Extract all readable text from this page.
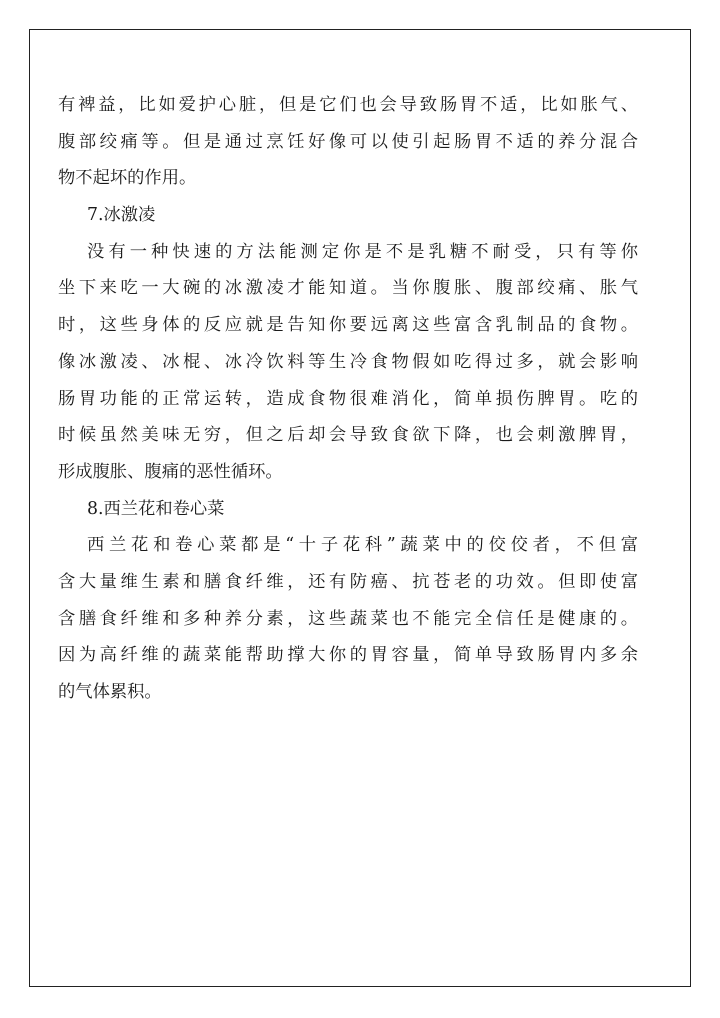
有裨益，比如爱护心脏，但是它们也会导致肠胃不适，比如胀气、
腹部绞痛等。但是通过烹饪好像可以使引起肠胃不适的养分混合
物不起坏的作用。
7.冰激凌
没有一种快速的方法能测定你是不是乳糖不耐受，只有等你
坐下来吃一大碗的冰激凌才能知道。当你腹胀、腹部绞痛、胀气
时，这些身体的反应就是告知你要远离这些富含乳制品的食物。
像冰激凌、冰棍、冰冷饮料等生冷食物假如吃得过多，就会影响
肠胃功能的正常运转，造成食物很难消化，简单损伤脾胃。吃的
时候虽然美味无穷，但之后却会导致食欲下降，也会刺激脾胃，
形成腹胀、腹痛的恶性循环。
8.西兰花和卷心菜
西兰花和卷心菜都是“十子花科”蔬菜中的佼佼者，不但富
含大量维生素和膳食纤维，还有防癌、抗苍老的功效。但即使富
含膳食纤维和多种养分素，这些蔬菜也不能完全信任是健康的。
因为高纤维的蔬菜能帮助撑大你的胃容量，简单导致肠胃内多余
的气体累积。
